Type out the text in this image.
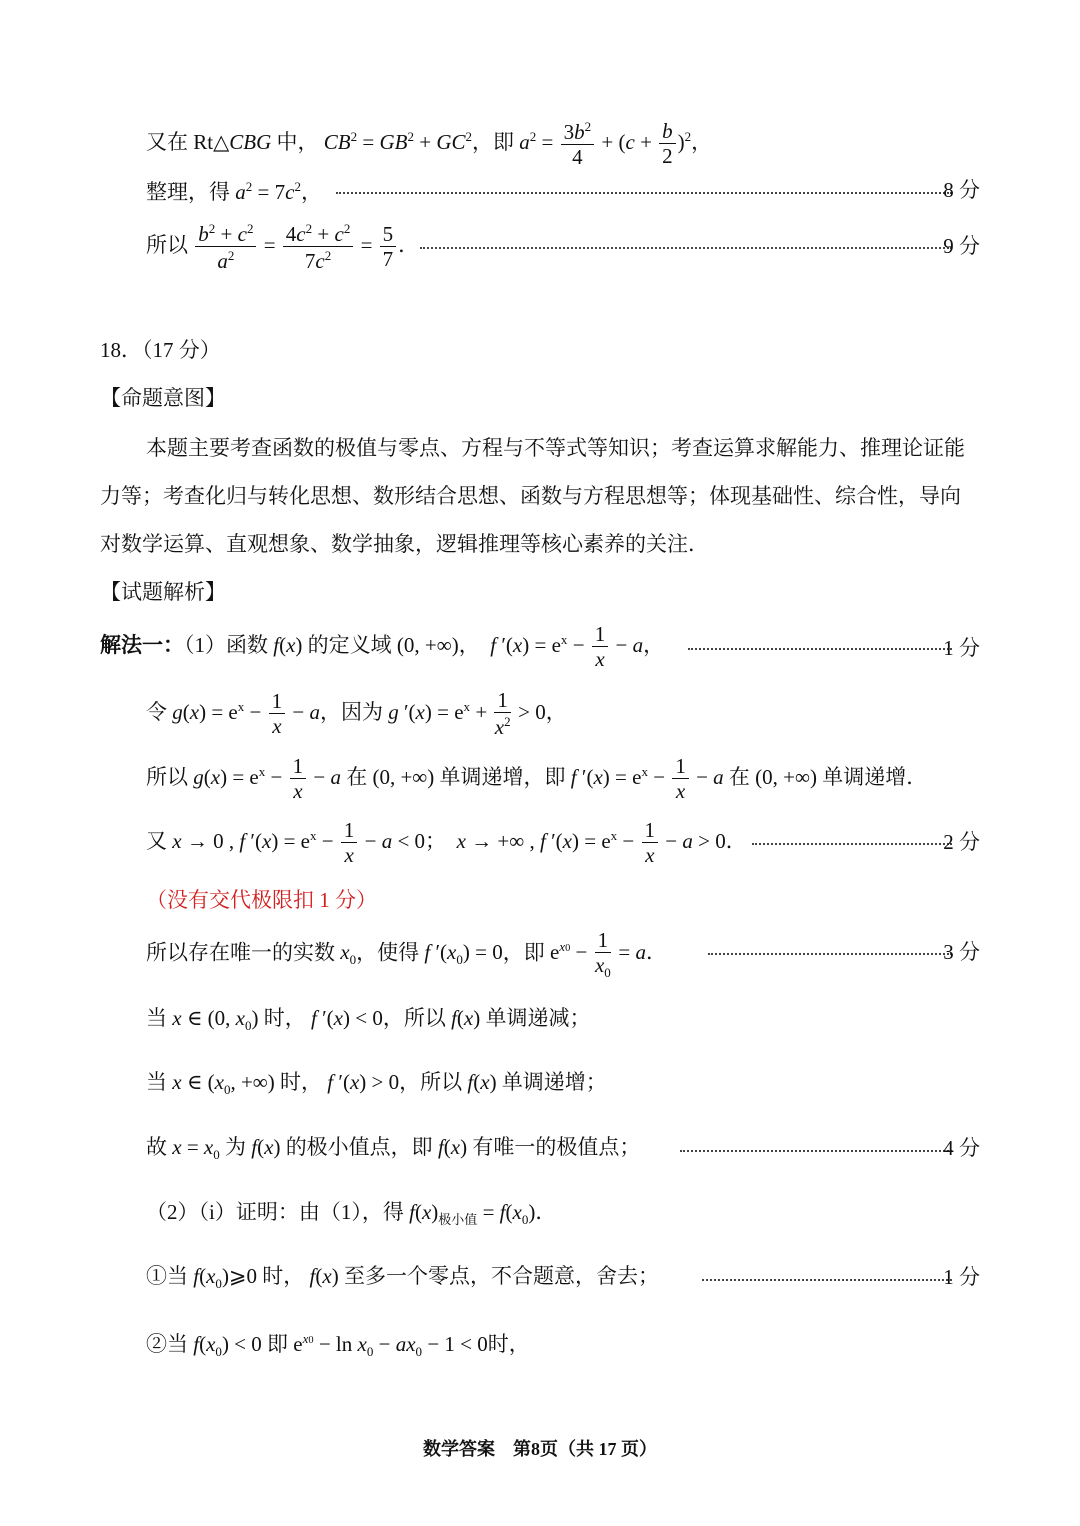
又在 Rt△CBG 中， $CB^2 = GB^2 + GC^2$，即 $a^2 = \frac{3b^2}{4} + (c + \frac{b}{2} )^2$，
整理，得 $a^2 = 7c^2$，	8 分
所以 $\frac{b^2 + c^2}{a^2} = \frac{4c^2 + c^2}{7c^2} = \frac{5}{7}$ ．	9 分
18．（17 分）
【命题意图】
本题主要考查函数的极值与零点、方程与不等式等知识；考查运算求解能力、推理论证能
力等；考查化归与转化思想、数形结合思想、函数与方程思想等；体现基础性、综合性，导向
对数学运算、直观想象、数学抽象，逻辑推理等核心素养的关注．
【试题解析】
解法一：（1）函数 f(x) 的定义域 (0, +∞)，  f $'(x) = e^x - \frac{1}{x} - a$，	1 分
令 $g(x) = e^x - \frac{1}{x} - a$，因为 g $'(x) = e^x + \frac{1}{x^2} > 0$，
所以 $g(x) = e^x - \frac{1}{x} - a$ 在 (0, +∞) 单调递增，即 f $'(x) = e^x - \frac{1}{x} - a$ 在 (0, +∞) 单调递增．
又 x → 0 , f $'(x) = e^x - \frac{1}{x} - a < 0$；  x → +∞ , f $'(x) = e^x - \frac{1}{x} - a > 0$．	2 分
（没有交代极限扣 1 分）
所以存在唯一的实数 $x_0$，使得 f $'(x_0) = 0$，即 $e^{x0} - \frac{1}{x_0} = a$．	3 分
当 x ∈ (0, $x_0$) 时， f ′(x) < 0，所以 f(x) 单调递减；
当 x ∈ ($x_0$, +∞) 时， f ′(x) > 0，所以 f(x) 单调递增；
故 $x = x_0$ 为 f(x) 的极小值点，即 f(x) 有唯一的极值点；	4 分
（2）（i）证明：由（1），得 $f(x)_{极小值} = f(x_0)$．
①当 $f(x_0)⩾0$ 时， f(x) 至多一个零点，不合题意，舍去；	1 分
②当 $f(x_0) < 0$ 即 $e^{x0} - \ln x_0 - ax_0 - 1 < 0$时，
数学答案　第8页（共 17 页）
